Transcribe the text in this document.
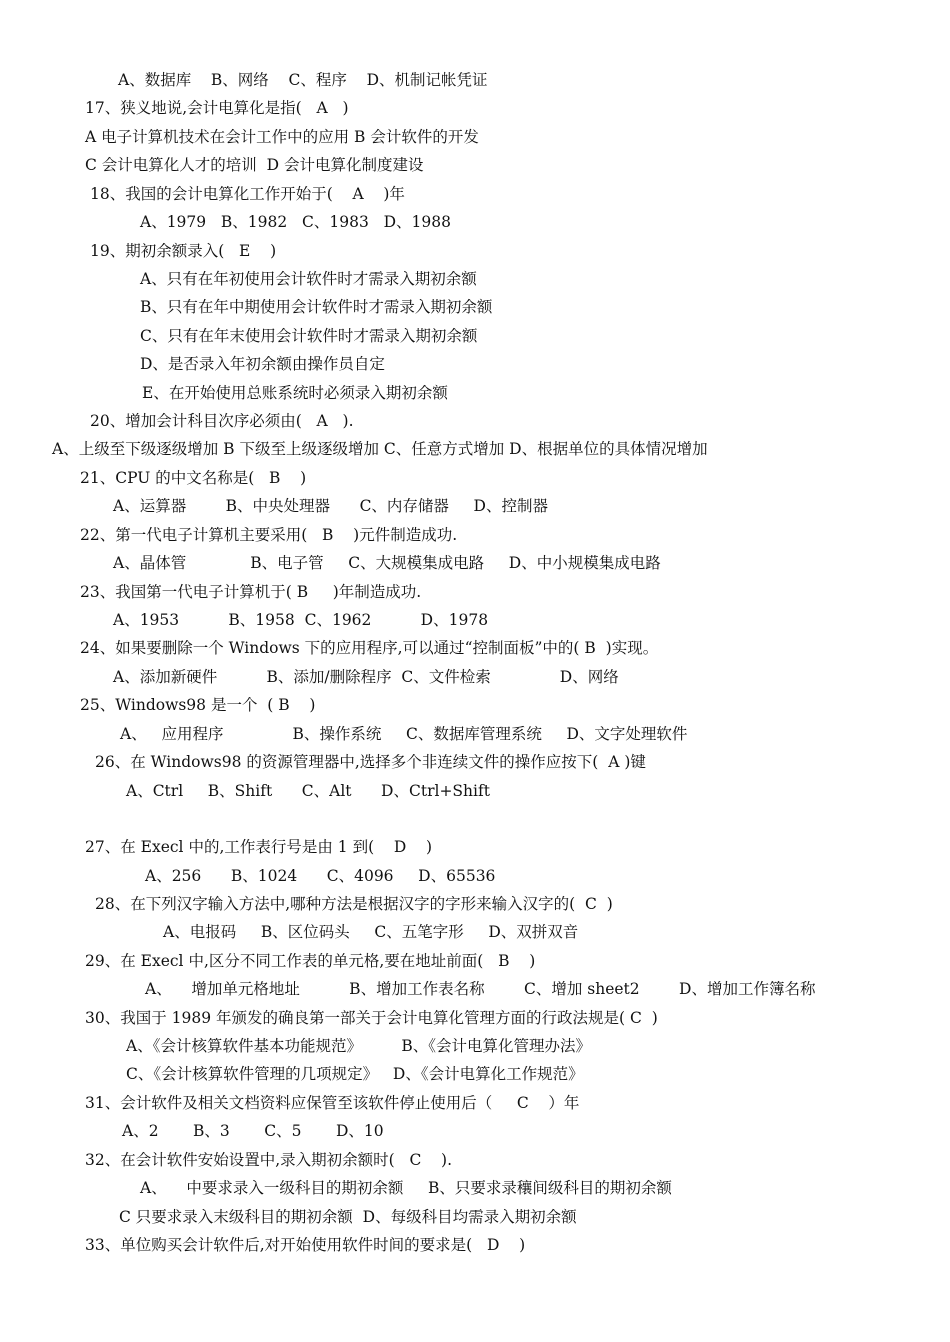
A、数据库    B、网络    C、程序    D、机制记帐凭证
17、狭义地说,会计电算化是指(   A   )
A 电子计算机技术在会计工作中的应用 B 会计软件的开发
C 会计电算化人才的培训  D 会计电算化制度建设
18、我国的会计电算化工作开始于(    A    )年
A、1979   B、1982   C、1983   D、1988
19、期初余额录入(   E    )
A、只有在年初使用会计软件时才需录入期初余额
B、只有在年中期使用会计软件时才需录入期初余额
C、只有在年末使用会计软件时才需录入期初余额
D、是否录入年初余额由操作员自定
E、在开始使用总账系统时必须录入期初余额
20、增加会计科目次序必须由(   A   ).
A、上级至下级逐级增加 B 下级至上级逐级增加 C、任意方式增加 D、根据单位的具体情况增加
21、CPU 的中文名称是(   B    )
A、运算器        B、中央处理器      C、内存储器     D、控制器
22、第一代电子计算机主要采用(   B    )元件制造成功.
A、晶体管             B、电子管     C、大规模集成电路     D、中小规模集成电路
23、我国第一代电子计算机于( B     )年制造成功.
A、1953          B、1958  C、1962          D、1978
24、如果要删除一个 Windows 下的应用程序,可以通过“控制面板”中的( B  )实现。
A、添加新硬件          B、添加/删除程序  C、文件检索              D、网络
25、Windows98 是一个  ( B    )
A、   应用程序              B、操作系统     C、数据库管理系统     D、文字处理软件
26、在 Windows98 的资源管理器中,选择多个非连续文件的操作应按下(  A )键
A、Ctrl     B、Shift      C、Alt      D、Ctrl+Shift
27、在 Execl 中的,工作表行号是由 1 到(    D    )
A、256      B、1024      C、4096     D、65536
28、在下列汉字输入方法中,哪种方法是根据汉字的字形来输入汉字的(  C  )
A、电报码     B、区位码头     C、五笔字形     D、双拼双音
29、在 Execl 中,区分不同工作表的单元格,要在地址前面(   B    )
A、    增加单元格地址          B、增加工作表名称        C、增加 sheet2        D、增加工作簿名称
30、我国于 1989 年颁发的确良第一部关于会计电算化管理方面的行政法规是( C  )
A、《会计核算软件基本功能规范》        B、《会计电算化管理办法》
C、《会计核算软件管理的几项规定》   D、《会计电算化工作规范》
31、会计软件及相关文档资料应保管至该软件停止使用后（     C    ）年
A、2       B、3       C、5       D、10
32、在会计软件安始设置中,录入期初余额时(   C    ).
A、    中要求录入一级科目的期初余额     B、只要求录穰间级科目的期初余额
C 只要求录入末级科目的期初余额  D、每级科目均需录入期初余额
33、单位购买会计软件后,对开始使用软件时间的要求是(   D    )
